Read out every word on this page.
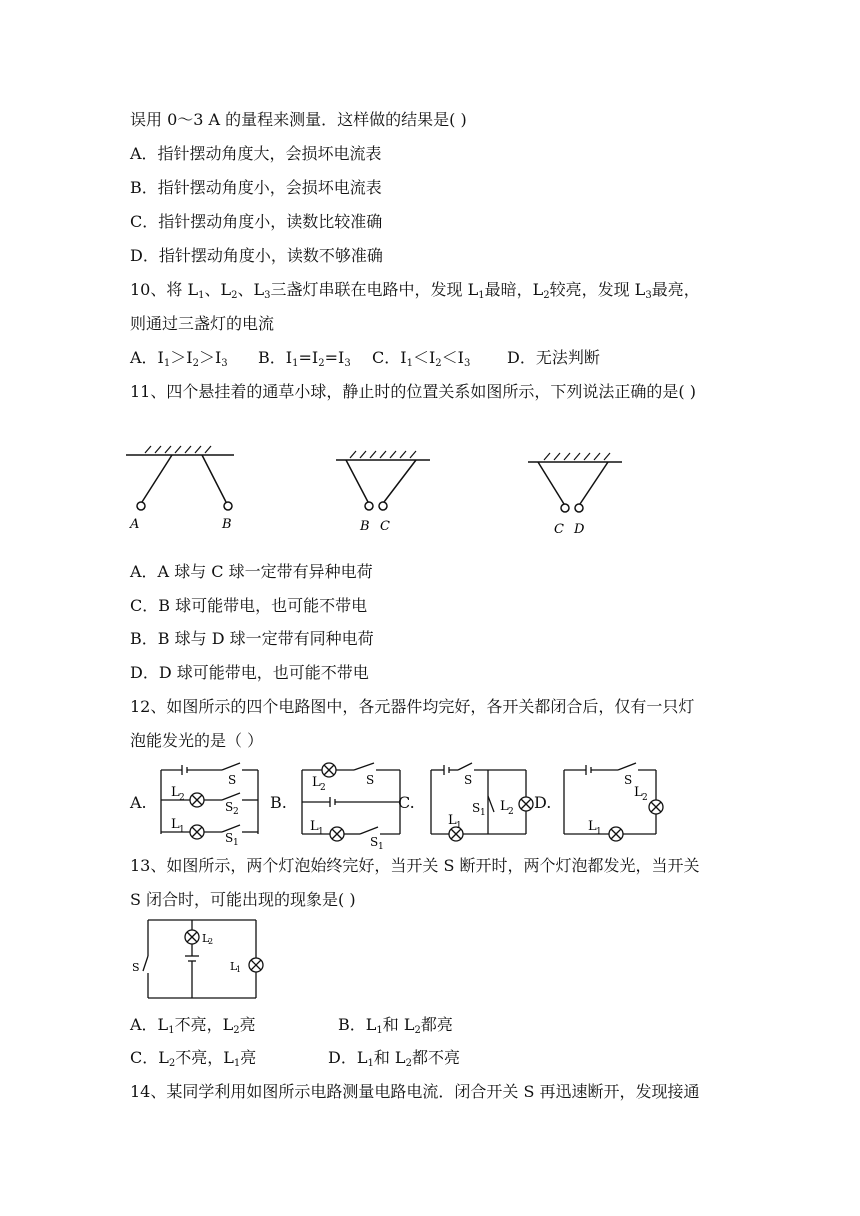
误用 0～3 A 的量程来测量．这样做的结果是( )
A．指针摆动角度大，会损坏电流表
B．指针摆动角度小，会损坏电流表
C．指针摆动角度小，读数比较准确
D．指针摆动角度小，读数不够准确
10、将 $L_1$、$L_2$、$L_3$三盏灯串联在电路中，发现 $L_1$最暗，$L_2$较亮，发现 $L_3$最亮，
则通过三盏灯的电流
A．$I_1>I_2>I_3$ B．$I_1=I_2=I_3$ C．$I_1<I_2<I_3$ D．无法判断
11、四个悬挂着的通草小球，静止时的位置关系如图所示，下列说法正确的是( )
A	B	B C	C D
A．A 球与 C 球一定带有异种电荷
C．B 球可能带电，也可能不带电
B．B 球与 D 球一定带有同种电荷
D．D 球可能带电，也可能不带电
12、如图所示的四个电路图中，各元器件均完好，各开关都闭合后，仅有一只灯
泡能发光的是（ ）
A.	B.	C.	D.
S
L 2
S 2
L 1
S 1
L 2
S
L 1
S 1
S
S 1 L 2
L 1
S
L 2
L 1
13、如图所示，两个灯泡始终完好，当开关 S 断开时，两个灯泡都发光，当开关
S 闭合时，可能出现的现象是( )
S
L
2
L
1
A．$L_1$不亮，$L_2$亮	B．$L_1$和 $L_2$都亮
C．$L_2$不亮，$L_1$亮	D．$L_1$和 $L_2$都不亮
14、某同学利用如图所示电路测量电路电流．闭合开关 S 再迅速断开，发现接通
